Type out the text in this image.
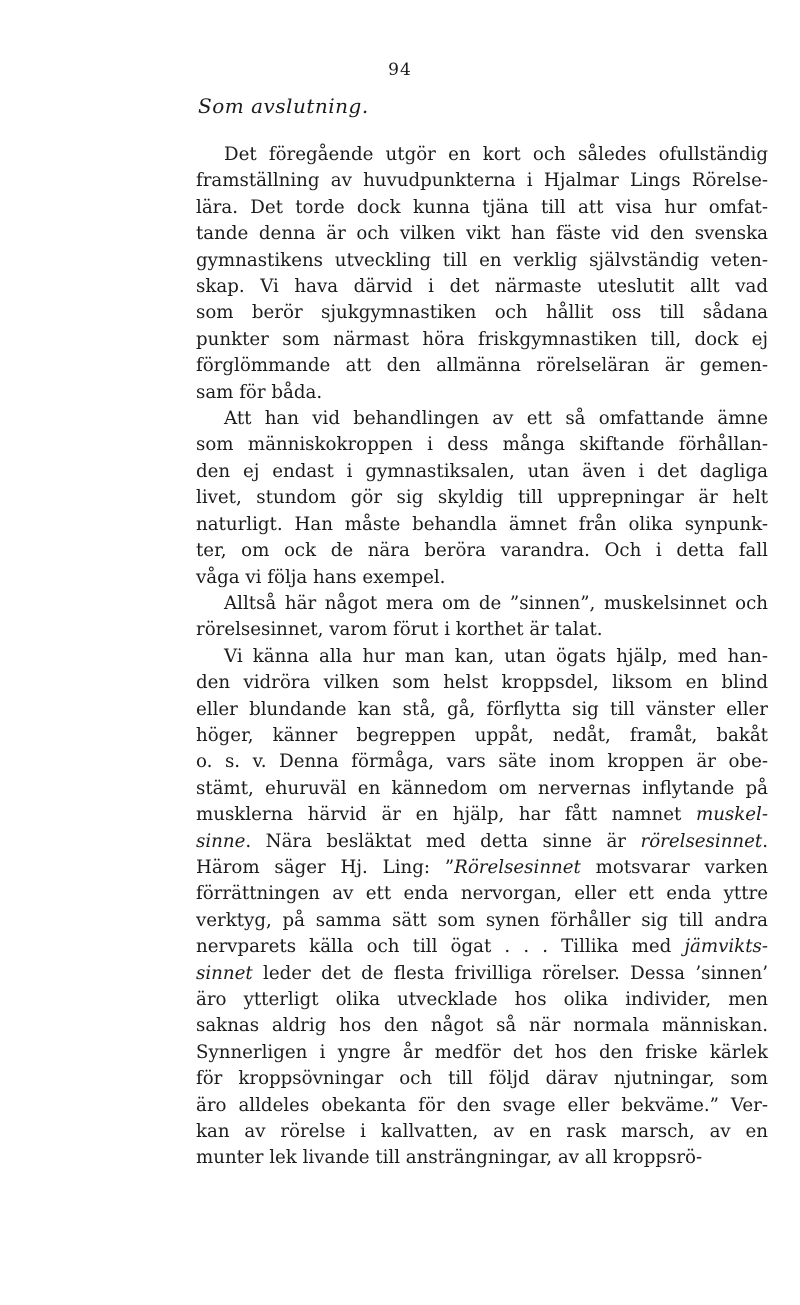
94
Som avslutning.
Det föregående utgör en kort och således ofullständig
framställning av huvudpunkterna i Hjalmar Lings Rörelse-
lära. Det torde dock kunna tjäna till att visa hur omfat-
tande denna är och vilken vikt han fäste vid den svenska
gymnastikens utveckling till en verklig självständig veten-
skap. Vi hava därvid i det närmaste uteslutit allt vad
som berör sjukgymnastiken och hållit oss till sådana
punkter som närmast höra friskgymnastiken till, dock ej
förglömmande att den allmänna rörelseläran är gemen-
sam för båda.
Att han vid behandlingen av ett så omfattande ämne
som människokroppen i dess många skiftande förhållan-
den ej endast i gymnastiksalen, utan även i det dagliga
livet, stundom gör sig skyldig till upprepningar är helt
naturligt. Han måste behandla ämnet från olika synpunk-
ter, om ock de nära beröra varandra. Och i detta fall
våga vi följa hans exempel.
Alltså här något mera om de ”sinnen”, muskelsinnet och
rörelsesinnet, varom förut i korthet är talat.
Vi känna alla hur man kan, utan ögats hjälp, med han-
den vidröra vilken som helst kroppsdel, liksom en blind
eller blundande kan stå, gå, förflytta sig till vänster eller
höger, känner begreppen uppåt, nedåt, framåt, bakåt
o. s. v. Denna förmåga, vars säte inom kroppen är obe-
stämt, ehuruväl en kännedom om nervernas inflytande på
musklerna härvid är en hjälp, har fått namnet muskel-
sinne. Nära besläktat med detta sinne är rörelsesinnet.
Härom säger Hj. Ling: ”Rörelsesinnet motsvarar varken
förrättningen av ett enda nervorgan, eller ett enda yttre
verktyg, på samma sätt som synen förhåller sig till andra
nervparets källa och till ögat . . . Tillika med jämvikts-
sinnet leder det de flesta frivilliga rörelser. Dessa ’sinnen’
äro ytterligt olika utvecklade hos olika individer, men
saknas aldrig hos den något så när normala människan.
Synnerligen i yngre år medför det hos den friske kärlek
för kroppsövningar och till följd därav njutningar, som
äro alldeles obekanta för den svage eller bekväme.” Ver-
kan av rörelse i kallvatten, av en rask marsch, av en
munter lek livande till ansträngningar, av all kroppsrö-
